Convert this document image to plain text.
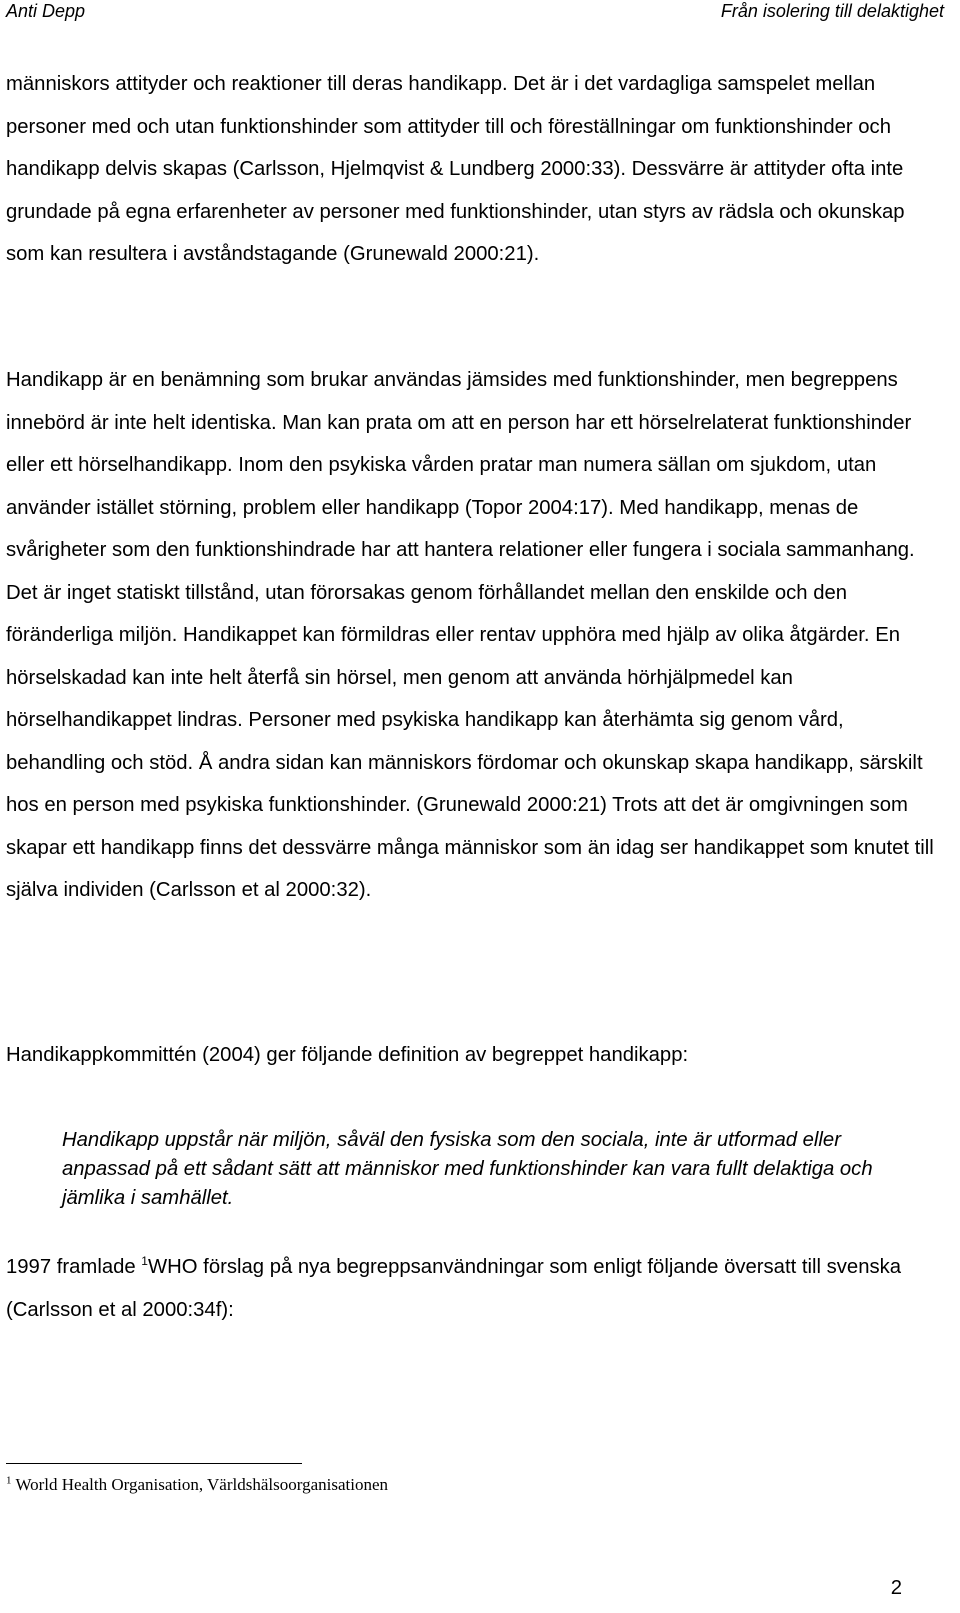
Anti Depp	Från isolering till delaktighet

människors attityder och reaktioner till deras handikapp. Det är i det vardagliga samspelet mellan personer med och utan funktionshinder som attityder till och föreställningar om funktionshinder och handikapp delvis skapas (Carlsson, Hjelmqvist & Lundberg 2000:33). Dessvärre är attityder ofta inte grundade på egna erfarenheter av personer med funktionshinder, utan styrs av rädsla och okunskap som kan resultera i avståndstagande (Grunewald 2000:21).

Handikapp är en benämning som brukar användas jämsides med funktionshinder, men begreppens innebörd är inte helt identiska. Man kan prata om att en person har ett hörselrelaterat funktionshinder eller ett hörselhandikapp. Inom den psykiska vården pratar man numera sällan om sjukdom, utan använder istället störning, problem eller handikapp (Topor 2004:17). Med handikapp, menas de svårigheter som den funktionshindrade har att hantera relationer eller fungera i sociala sammanhang. Det är inget statiskt tillstånd, utan förorsakas genom förhållandet mellan den enskilde och den föränderliga miljön. Handikappet kan förmildras eller rentav upphöra med hjälp av olika åtgärder. En hörselskadad kan inte helt återfå sin hörsel, men genom att använda hörhjälpmedel kan hörselhandikappet lindras. Personer med psykiska handikapp kan återhämta sig genom vård, behandling och stöd. Å andra sidan kan människors fördomar och okunskap skapa handikapp, särskilt hos en person med psykiska funktionshinder. (Grunewald 2000:21) Trots att det är omgivningen som skapar ett handikapp finns det dessvärre många människor som än idag ser handikappet som knutet till själva individen (Carlsson et al 2000:32).

Handikappkommittén (2004) ger följande definition av begreppet handikapp:

Handikapp uppstår när miljön, såväl den fysiska som den sociala, inte är utformad eller anpassad på ett sådant sätt att människor med funktionshinder kan vara fullt delaktiga och jämlika i samhället.

1997 framlade $^1$WHO förslag på nya begreppsanvändningar som enligt följande översatt till svenska (Carlsson et al 2000:34f):

$^1$ World Health Organisation, Världshälsoorganisationen
2
